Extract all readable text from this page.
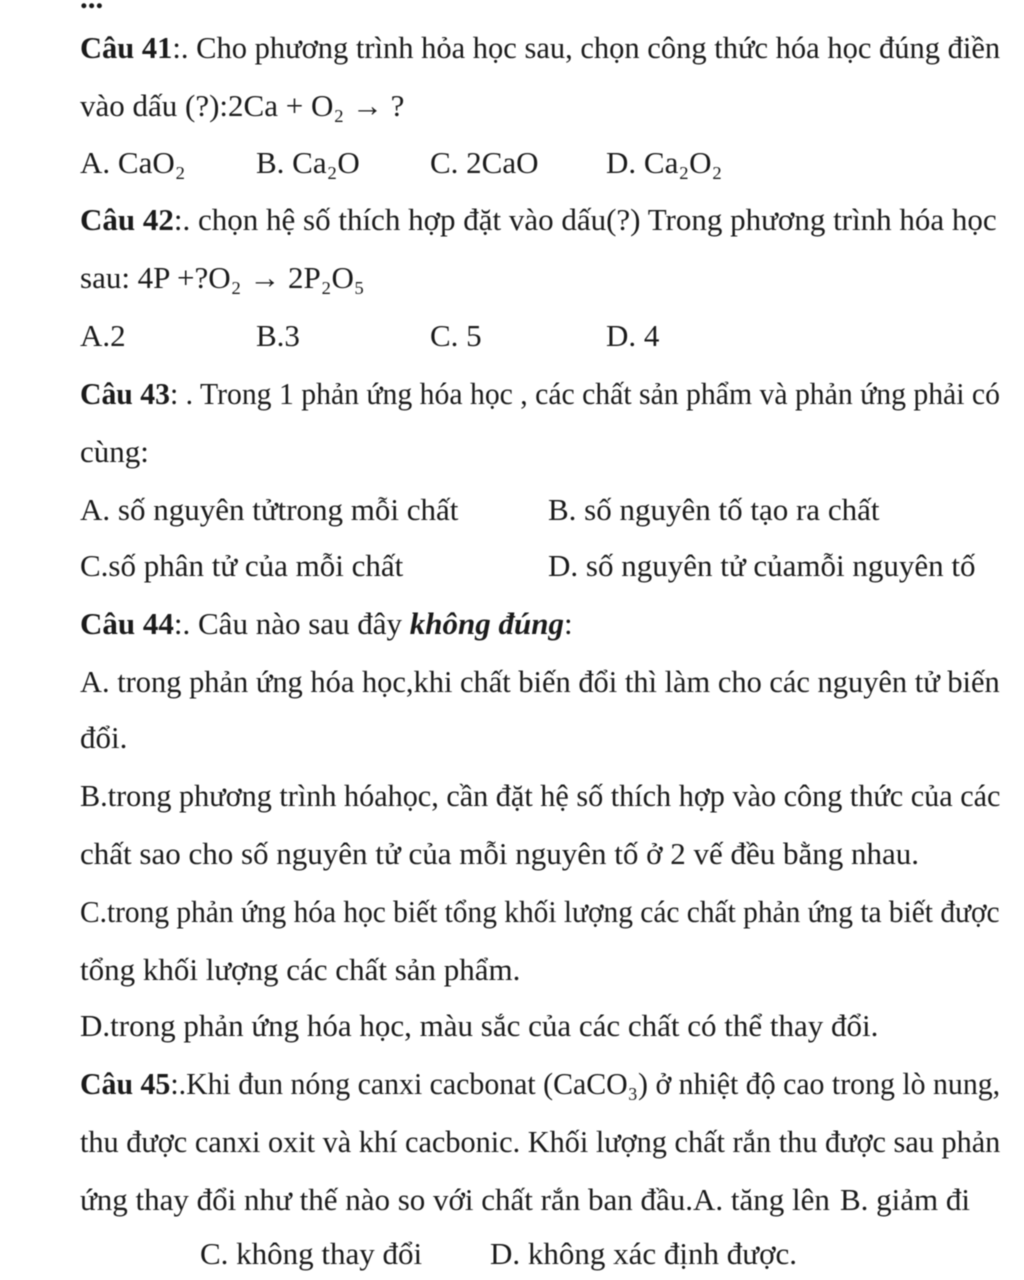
Câu 41:. Cho phương trình hỏa học sau, chọn công thức hóa học đúng điền
vào dấu (?):2Ca + O₂ → ?
A. CaO₂ B. Ca₂O C. 2CaO D. Ca₂O₂
Câu 42:. chọn hệ số thích hợp đặt vào dấu(?) Trong phương trình hóa học
sau: 4P +?O₂ → 2P₂O₅
A.2	B.3	C. 5	D. 4
Câu 43: . Trong 1 phản ứng hóa học , các chất sản phẩm và phản ứng phải có
cùng:
A. số nguyên tửtrong mỗi chất	B. số nguyên tố tạo ra chất
C.số phân tử của mỗi chất	D. số nguyên tử củamỗi nguyên tố
Câu 44:. Câu nào sau đây không đúng:
A. trong phản ứng hóa học,khi chất biến đổi thì làm cho các nguyên tử biến
đổi.
B.trong phương trình hóahọc, cần đặt hệ số thích hợp vào công thức của các
chất sao cho số nguyên tử của mỗi nguyên tố ở 2 vế đều bằng nhau.
C.trong phản ứng hóa học biết tổng khối lượng các chất phản ứng ta biết được
tổng khối lượng các chất sản phẩm.
D.trong phản ứng hóa học, màu sắc của các chất có thể thay đổi.
Câu 45:.Khi đun nóng canxi cacbonat (CaCO₃) ở nhiệt độ cao trong lò nung,
thu được canxi oxit và khí cacbonic. Khối lượng chất rắn thu được sau phản
ứng thay đổi như thế nào so với chất rắn ban đầu.A. tăng lên B. giảm đi
C. không thay đổi D. không xác định được.
